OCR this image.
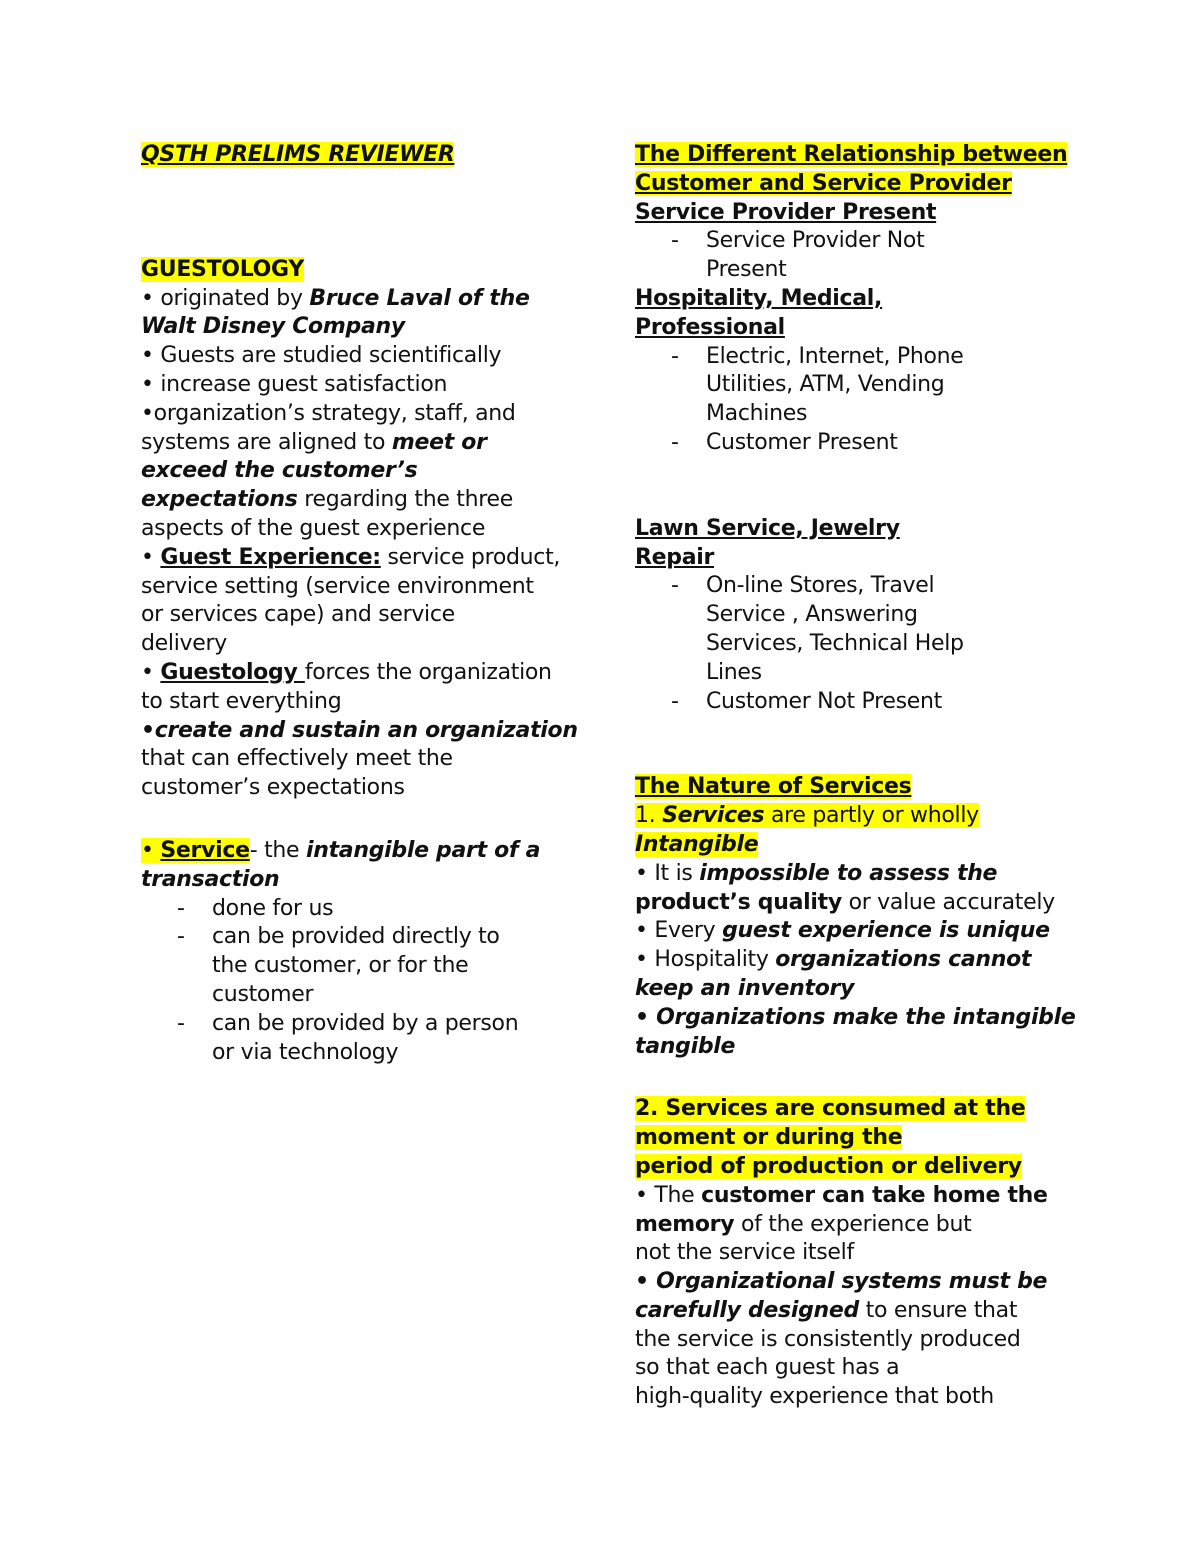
QSTH PRELIMS REVIEWER
GUESTOLOGY
• originated by Bruce Laval of the
Walt Disney Company
• Guests are studied scientifically
• increase guest satisfaction
•organization’s strategy, staff, and
systems are aligned to meet or
exceed the customer’s
expectations regarding the three
aspects of the guest experience
• Guest Experience: service product,
service setting (service environment
or services cape) and service
delivery
• Guestology forces the organization
to start everything
•create and sustain an organization
that can effectively meet the
customer’s expectations
• Service- the intangible part of a
transaction
- done for us
- can be provided directly to
the customer, or for the
customer
- can be provided by a person
or via technology
The Different Relationship between
Customer and Service Provider
Service Provider Present
- Service Provider Not
Present
Hospitality, Medical,
Professional
- Electric, Internet, Phone
Utilities, ATM, Vending
Machines
- Customer Present
Lawn Service, Jewelry
Repair
- On-line Stores, Travel
Service , Answering
Services, Technical Help
Lines
- Customer Not Present
The Nature of Services
1. Services are partly or wholly
Intangible
• It is impossible to assess the
product’s quality or value accurately
• Every guest experience is unique
• Hospitality organizations cannot
keep an inventory
• Organizations make the intangible
tangible
2. Services are consumed at the
moment or during the
period of production or delivery
• The customer can take home the
memory of the experience but
not the service itself
• Organizational systems must be
carefully designed to ensure that
the service is consistently produced
so that each guest has a
high-quality experience that both
